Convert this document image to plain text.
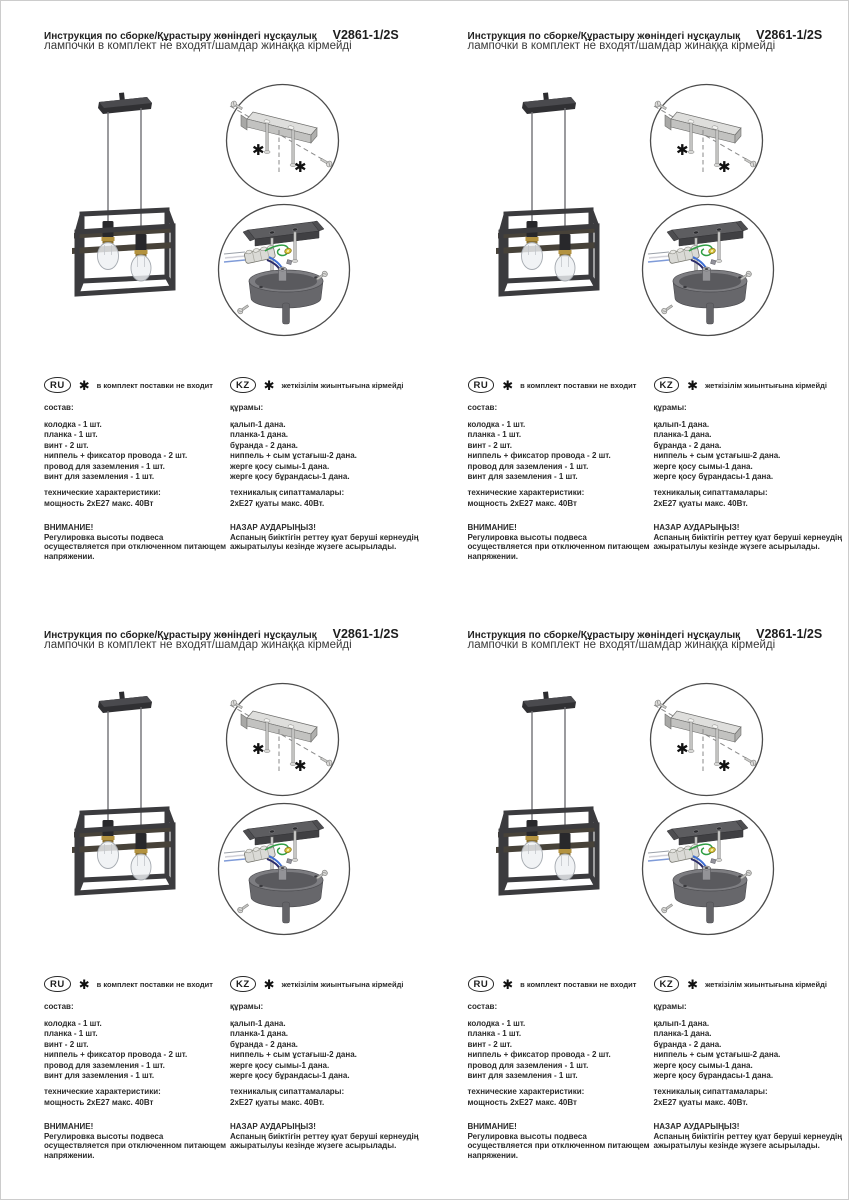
Инструкция по сборке/Құрастыру жөніндегі нұсқаулық V2861-1/2S
лампочки в комплект не входят/шамдар жинаққа кірмейді
✱
✱
RU	✱ в комплект поставки не входит
состав:
колодка - 1 шт.
планка - 1 шт.
винт - 2 шт.
ниппель + фиксатор провода - 2 шт.
провод для заземления - 1 шт.
винт для заземления - 1 шт.
технические характеристики:
мощность 2хЕ27 макс. 40Вт
ВНИМАНИЕ!
Регулировка высоты подвеса осуществляется при отключенном питающем напряжении.
KZ	✱ жеткізілім жиынтығына кірмейді
құрамы:
қалып-1 дана.
планка-1 дана.
бұранда - 2 дана.
ниппель + сым ұстағыш-2 дана.
жерге қосу сымы-1 дана.
жерге қосу бұрандасы-1 дана.
техникалық сипаттамалары:
2хЕ27 қуаты макс. 40Вт.
НАЗАР АУДАРЫҢЫЗ!
Аспаның биіктігін реттеу қуат беруші кернеудің ажыратылуы кезінде жүзеге асырылады.
Инструкция по сборке/Құрастыру жөніндегі нұсқаулық V2861-1/2S
лампочки в комплект не входят/шамдар жинаққа кірмейді
✱
✱
RU	✱ в комплект поставки не входит
состав:
колодка - 1 шт.
планка - 1 шт.
винт - 2 шт.
ниппель + фиксатор провода - 2 шт.
провод для заземления - 1 шт.
винт для заземления - 1 шт.
технические характеристики:
мощность 2хЕ27 макс. 40Вт
ВНИМАНИЕ!
Регулировка высоты подвеса осуществляется при отключенном питающем напряжении.
KZ	✱ жеткізілім жиынтығына кірмейді
құрамы:
қалып-1 дана.
планка-1 дана.
бұранда - 2 дана.
ниппель + сым ұстағыш-2 дана.
жерге қосу сымы-1 дана.
жерге қосу бұрандасы-1 дана.
техникалық сипаттамалары:
2хЕ27 қуаты макс. 40Вт.
НАЗАР АУДАРЫҢЫЗ!
Аспаның биіктігін реттеу қуат беруші кернеудің ажыратылуы кезінде жүзеге асырылады.
Инструкция по сборке/Құрастыру жөніндегі нұсқаулық V2861-1/2S
лампочки в комплект не входят/шамдар жинаққа кірмейді
✱
✱
RU	✱ в комплект поставки не входит
состав:
колодка - 1 шт.
планка - 1 шт.
винт - 2 шт.
ниппель + фиксатор провода - 2 шт.
провод для заземления - 1 шт.
винт для заземления - 1 шт.
технические характеристики:
мощность 2хЕ27 макс. 40Вт
ВНИМАНИЕ!
Регулировка высоты подвеса осуществляется при отключенном питающем напряжении.
KZ	✱ жеткізілім жиынтығына кірмейді
құрамы:
қалып-1 дана.
планка-1 дана.
бұранда - 2 дана.
ниппель + сым ұстағыш-2 дана.
жерге қосу сымы-1 дана.
жерге қосу бұрандасы-1 дана.
техникалық сипаттамалары:
2хЕ27 қуаты макс. 40Вт.
НАЗАР АУДАРЫҢЫЗ!
Аспаның биіктігін реттеу қуат беруші кернеудің ажыратылуы кезінде жүзеге асырылады.
Инструкция по сборке/Құрастыру жөніндегі нұсқаулық V2861-1/2S
лампочки в комплект не входят/шамдар жинаққа кірмейді
✱
✱
RU	✱ в комплект поставки не входит
состав:
колодка - 1 шт.
планка - 1 шт.
винт - 2 шт.
ниппель + фиксатор провода - 2 шт.
провод для заземления - 1 шт.
винт для заземления - 1 шт.
технические характеристики:
мощность 2хЕ27 макс. 40Вт
ВНИМАНИЕ!
Регулировка высоты подвеса осуществляется при отключенном питающем напряжении.
KZ	✱ жеткізілім жиынтығына кірмейді
құрамы:
қалып-1 дана.
планка-1 дана.
бұранда - 2 дана.
ниппель + сым ұстағыш-2 дана.
жерге қосу сымы-1 дана.
жерге қосу бұрандасы-1 дана.
техникалық сипаттамалары:
2хЕ27 қуаты макс. 40Вт.
НАЗАР АУДАРЫҢЫЗ!
Аспаның биіктігін реттеу қуат беруші кернеудің ажыратылуы кезінде жүзеге асырылады.
